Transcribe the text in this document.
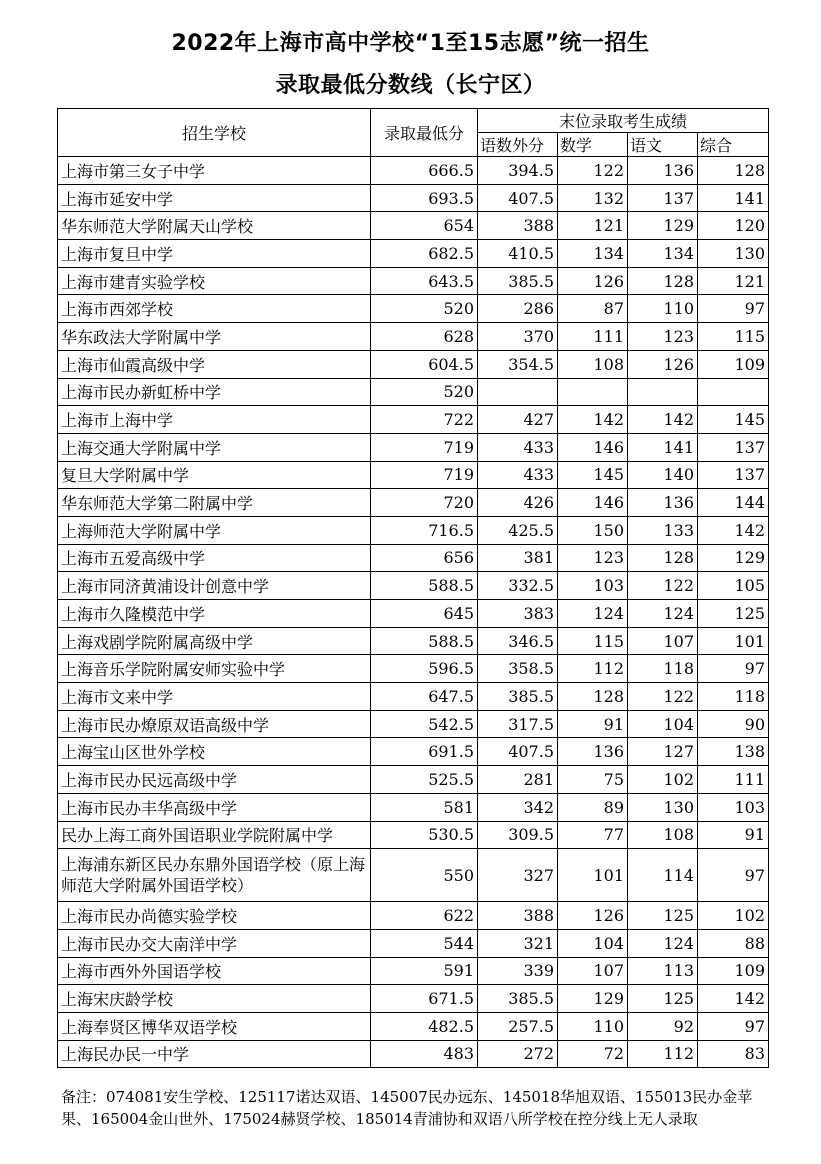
2022年上海市高中学校“1至15志愿”统一招生
录取最低分数线（长宁区）
招生学校	录取最低分	末位录取考生成绩			
		语数外分	数学	语文	综合
上海市第三女子中学	666.5	394.5	122	136	128
上海市延安中学	693.5	407.5	132	137	141
华东师范大学附属天山学校	654	388	121	129	120
上海市复旦中学	682.5	410.5	134	134	130
上海市建青实验学校	643.5	385.5	126	128	121
上海市西郊学校	520	286	87	110	97
华东政法大学附属中学	628	370	111	123	115
上海市仙霞高级中学	604.5	354.5	108	126	109
上海市民办新虹桥中学	520				
上海市上海中学	722	427	142	142	145
上海交通大学附属中学	719	433	146	141	137
复旦大学附属中学	719	433	145	140	137
华东师范大学第二附属中学	720	426	146	136	144
上海师范大学附属中学	716.5	425.5	150	133	142
上海市五爱高级中学	656	381	123	128	129
上海市同济黄浦设计创意中学	588.5	332.5	103	122	105
上海市久隆模范中学	645	383	124	124	125
上海戏剧学院附属高级中学	588.5	346.5	115	107	101
上海音乐学院附属安师实验中学	596.5	358.5	112	118	97
上海市文来中学	647.5	385.5	128	122	118
上海市民办燎原双语高级中学	542.5	317.5	91	104	90
上海宝山区世外学校	691.5	407.5	136	127	138
上海市民办民远高级中学	525.5	281	75	102	111
上海市民办丰华高级中学	581	342	89	130	103
民办上海工商外国语职业学院附属中学	530.5	309.5	77	108	91
上海浦东新区民办东鼎外国语学校（原上海师范大学附属外国语学校）	550	327	101	114	97
上海市民办尚德实验学校	622	388	126	125	102
上海市民办交大南洋中学	544	321	104	124	88
上海市西外外国语学校	591	339	107	113	109
上海宋庆龄学校	671.5	385.5	129	125	142
上海奉贤区博华双语学校	482.5	257.5	110	92	97
上海民办民一中学	483	272	72	112	83
备注：074081安生学校、125117诺达双语、145007民办远东、145018华旭双语、155013民办金苹果、165004金山世外、175024赫贤学校、185014青浦协和双语八所学校在控分线上无人录取
